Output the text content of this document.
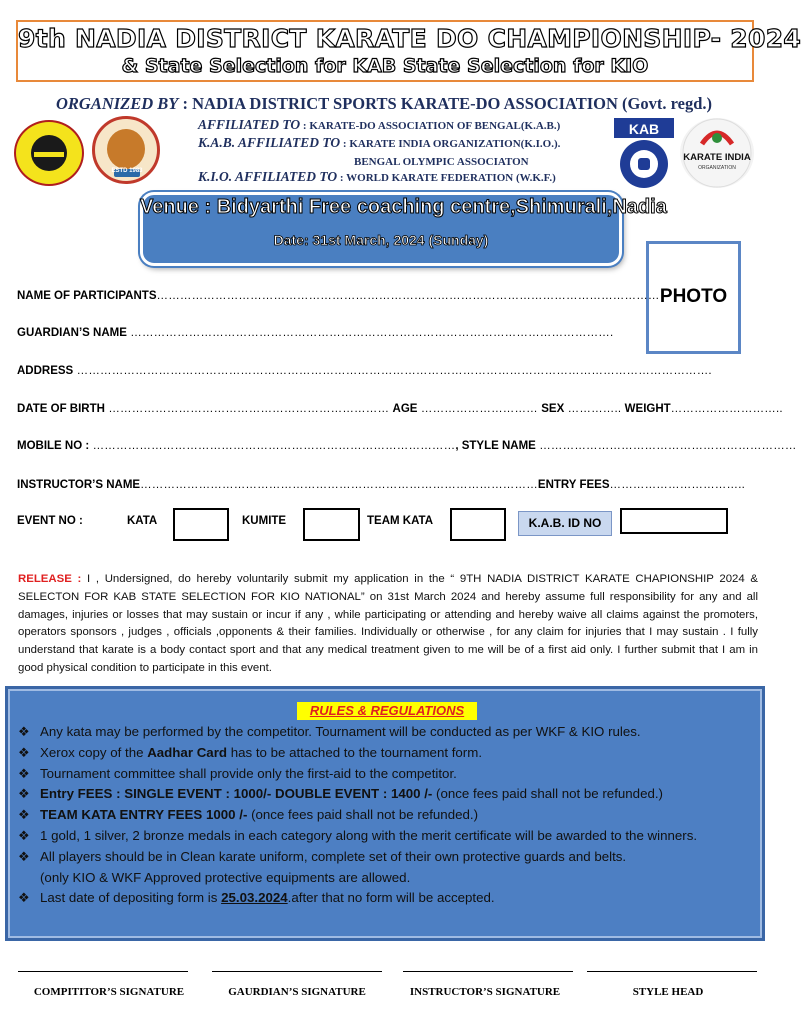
9th NADIA DISTRICT KARATE DO CHAMPIONSHIP- 2024
& State Selection for KAB State Selection for KIO
ORGANIZED BY : NADIA DISTRICT SPORTS KARATE-DO ASSOCIATION (Govt. regd.)
AFFILIATED TO : KARATE-DO ASSOCIATION OF BENGAL(K.A.B.)
K.A.B. AFFILIATED TO : KARATE INDIA ORGANIZATION(K.I.O.).
BENGAL OLYMPIC ASSOCIATON
K.I.O. AFFILIATED TO : WORLD KARATE FEDERATION (W.K.F.)
ESTD 1983
KAB
KARATE INDIA
ORGANIZATION
Venue : Bidyarthi Free coaching centre,Shimurali,Nadia
Date: 31st March, 2024 (Sunday)
PHOTO
NAME OF PARTICIPANTS…………………………………………………………………………………………………………………
GUARDIAN’S NAME …………………………………………………………………………………………………………….
ADDRESS ……………………………………………………………………………………………………………………………………………….
DATE OF BIRTH ……………………………………………………………… AGE ………………………… SEX ………….. WEIGHT………………………..
MOBILE NO : …………………………………………………………………………………, STYLE NAME …………………………………………………………
INSTRUCTOR’S NAME…………………………………………………………………………………………ENTRY FEES……………………………..
EVENT NO :	KATA	KUMITE	TEAM KATA	K.A.B. ID NO
RELEASE : I , Undersigned, do hereby voluntarily submit my application in the “ 9TH NADIA DISTRICT KARATE CHAPIONSHIP 2024 & SELECTON FOR KAB STATE SELECTION FOR KIO NATIONAL” on 31st March 2024 and hereby assume full responsibility for any and all damages, injuries or losses that may sustain or incur if any , while participating or attending and hereby waive all claims against the promoters, operators sponsors , judges , officials ,opponents & their families. Individually or otherwise , for any claim for injuries that I may sustain . I fully understand that karate is a body contact sport and that any medical treatment given to me will be of a first aid only. I further submit that I am in good physical condition to participate in this event.
RULES & REGULATIONS
❖ Any kata may be performed by the competitor. Tournament will be conducted as per WKF & KIO rules.
❖ Xerox copy of the Aadhar Card has to be attached to the tournament form.
❖ Tournament committee shall provide only the first-aid to the competitor.
❖ Entry FEES : SINGLE EVENT : 1000/- DOUBLE EVENT : 1400 /- (once fees paid shall not be refunded.)
❖ TEAM KATA ENTRY FEES 1000 /- (once fees paid shall not be refunded.)
❖ 1 gold, 1 silver, 2 bronze medals in each category along with the merit certificate will be awarded to the winners.
❖ All players should be in Clean karate uniform, complete set of their own protective guards and belts.
(only KIO & WKF Approved protective equipments are allowed.
❖ Last date of depositing form is 25.03.2024.after that no form will be accepted.
COMPITITOR’S SIGNATURE	GAURDIAN’S SIGNATURE	INSTRUCTOR’S SIGNATURE	STYLE HEAD
